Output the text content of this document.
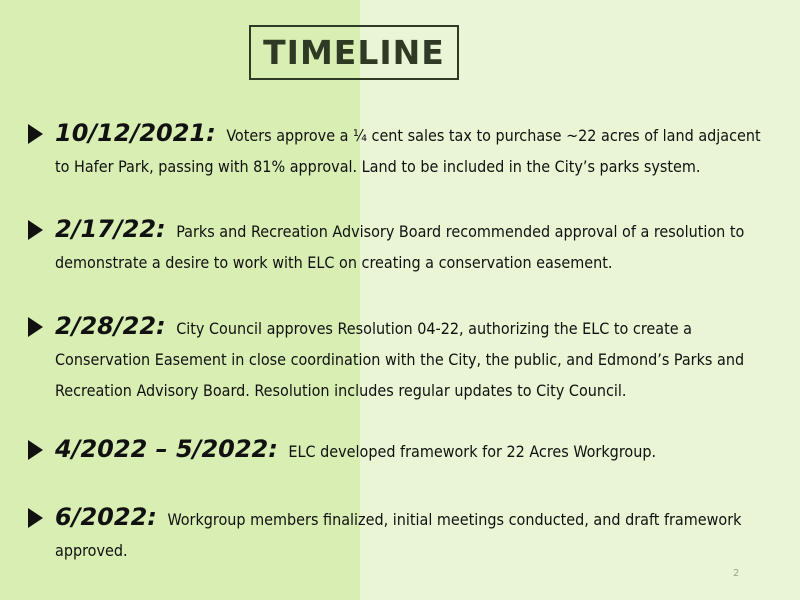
TIMELINE
10/12/2021: Voters approve a ¼ cent sales tax to purchase ~22 acres of land adjacent to Hafer Park, passing with 81% approval. Land to be included in the City’s parks system.
2/17/22: Parks and Recreation Advisory Board recommended approval of a resolution to demonstrate a desire to work with ELC on creating a conservation easement.
2/28/22: City Council approves Resolution 04-22, authorizing the ELC to create a Conservation Easement in close coordination with the City, the public, and Edmond’s Parks and Recreation Advisory Board. Resolution includes regular updates to City Council.
4/2022 – 5/2022: ELC developed framework for 22 Acres Workgroup.
6/2022: Workgroup members finalized, initial meetings conducted, and draft framework approved.
2
